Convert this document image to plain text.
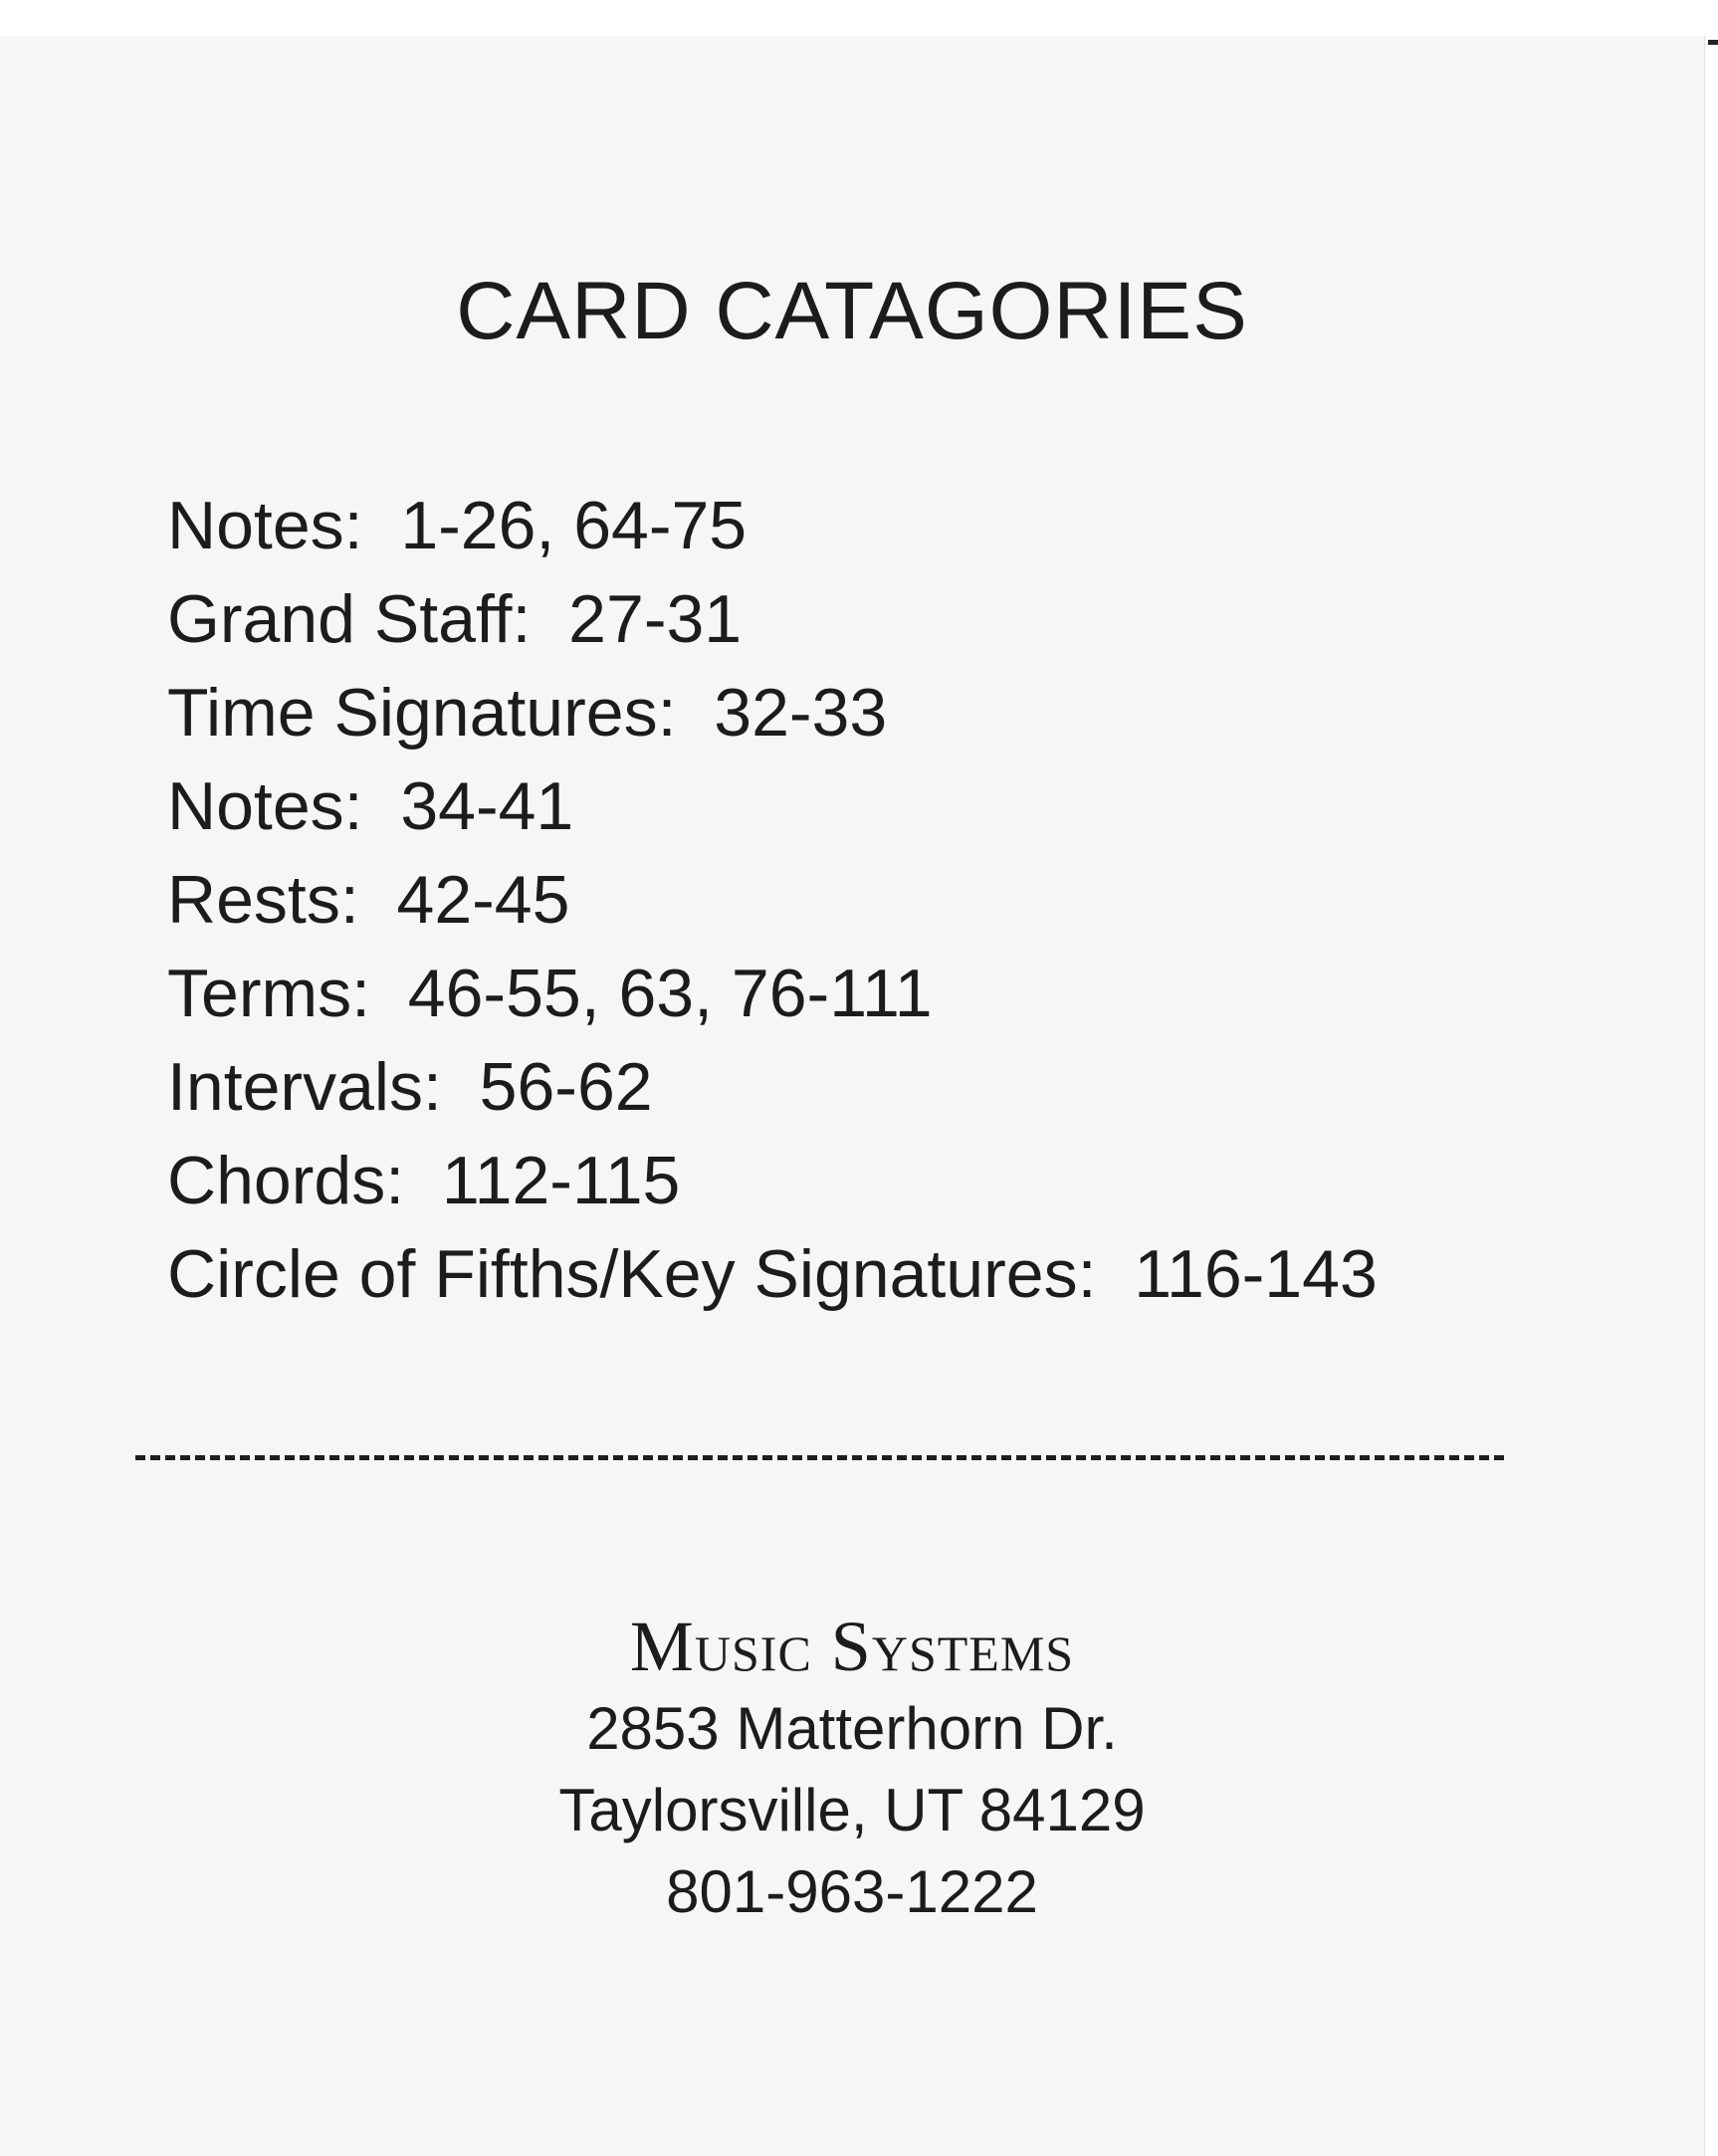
CARD CATAGORIES
Notes:  1-26, 64-75
Grand Staff:  27-31
Time Signatures:  32-33
Notes:  34-41
Rests:  42-45
Terms:  46-55, 63, 76-111
Intervals:  56-62
Chords:  112-115
Circle of Fifths/Key Signatures:  116-143
Music Systems
2853 Matterhorn Dr.
Taylorsville, UT 84129
801-963-1222
